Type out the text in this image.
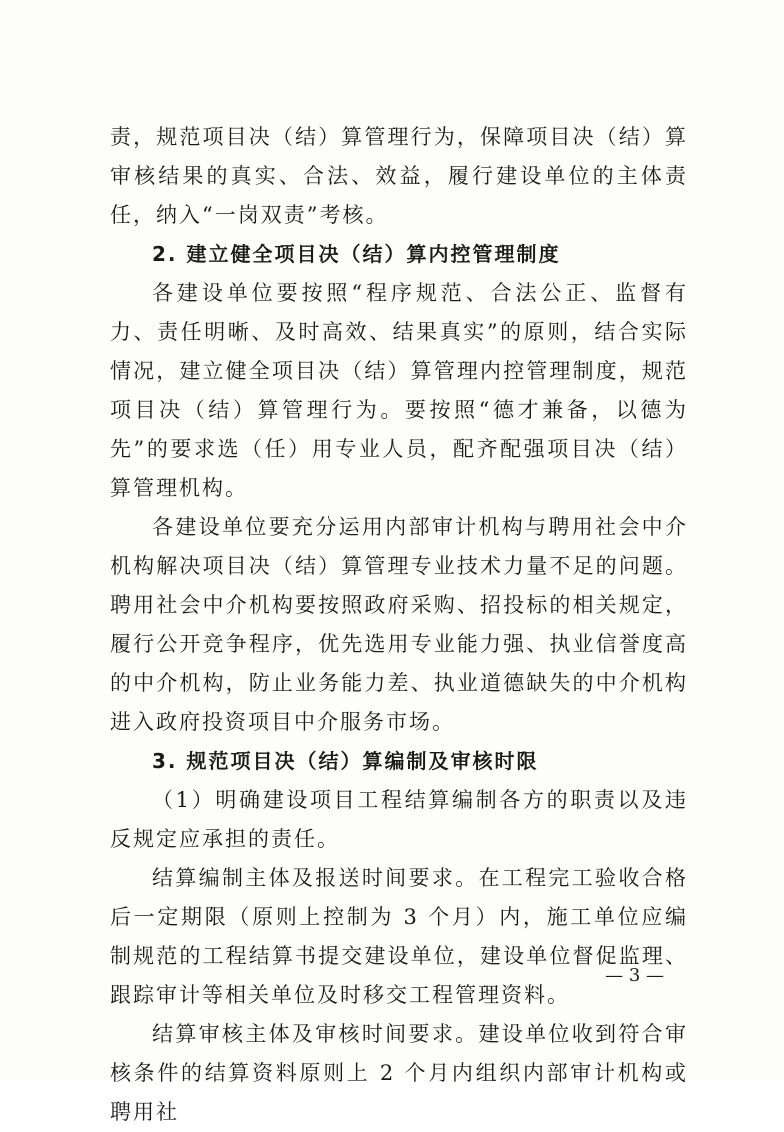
责，规范项目决（结）算管理行为，保障项目决（结）算审核结果的真实、合法、效益，履行建设单位的主体责任，纳入“一岗双责”考核。

2. 建立健全项目决（结）算内控管理制度

各建设单位要按照“程序规范、合法公正、监督有力、责任明晰、及时高效、结果真实”的原则，结合实际情况，建立健全项目决（结）算管理内控管理制度，规范项目决（结）算管理行为。要按照“德才兼备，以德为先”的要求选（任）用专业人员，配齐配强项目决（结）算管理机构。

各建设单位要充分运用内部审计机构与聘用社会中介机构解决项目决（结）算管理专业技术力量不足的问题。聘用社会中介机构要按照政府采购、招投标的相关规定，履行公开竞争程序，优先选用专业能力强、执业信誉度高的中介机构，防止业务能力差、执业道德缺失的中介机构进入政府投资项目中介服务市场。

3. 规范项目决（结）算编制及审核时限

（1）明确建设项目工程结算编制各方的职责以及违反规定应承担的责任。

结算编制主体及报送时间要求。在工程完工验收合格后一定期限（原则上控制为 3 个月）内，施工单位应编制规范的工程结算书提交建设单位，建设单位督促监理、跟踪审计等相关单位及时移交工程管理资料。

结算审核主体及审核时间要求。建设单位收到符合审核条件的结算资料原则上 2 个月内组织内部审计机构或聘用社

— 3 —
